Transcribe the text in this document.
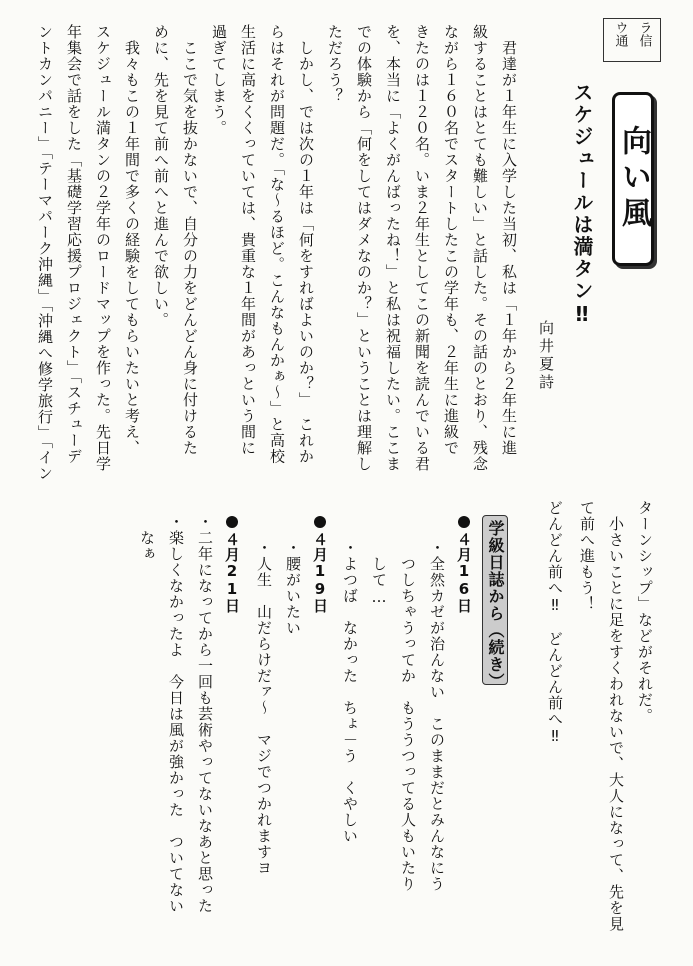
ラ信
ウ通
向い風
スケジュールは満タン‼
向井夏詩
　君達が１年生に入学した当初、私は「１年から２年生に進
級することはとても難しい」と話した。その話のとおり、残念
ながら１６０名でスタートしたこの学年も、２年生に進級で
きたのは１２０名。いま２年生としてこの新聞を読んでいる君
を、本当に「よくがんばったね！」と私は祝福したい。ここま
での体験から「何をしてはダメなのか？」ということは理解し
ただろう？
　しかし、では次の１年は「何をすればよいのか？」　これか
らはそれが問題だ。「な～るほど。こんなもんかぁ～」と高校
生活に高をくくっていては、貴重な１年間があっという間に
過ぎてしまう。
　ここで気を抜かないで、自分の力をどんどん身に付けるた
めに、先を見て前へ前へと進んで欲しい。
　我々もこの１年間で多くの経験をしてもらいたいと考え、
スケジュール満タンの２学年のロードマップを作った。先日学
年集会で話をした「基礎学習応援プロジェクト」「スチューデ
ントカンパニー」「テーマパーク沖縄」「沖縄へ修学旅行」「イン
ターンシップ」などがそれだ。
　小さいことに足をすくわれないで、大人になって、先を見
て前へ進もう！
どんどん前へ‼　どんどん前へ‼
学級日誌から（続き）
４月16日
・全然カゼが治んない　このままだとみんなにう
　つしちゃうってか　もううつってる人もいたり
　して…
・よつば　なかった　ちょ－う　くやしい
４月19日
・腰がいたい
・人生　山だらけだァ～　マジでつかれますヨ
４月21日
・二年になってから一回も芸術やってないなあと思った
・楽しくなかったよ　今日は風が強かった　ついてない
　なぁ
